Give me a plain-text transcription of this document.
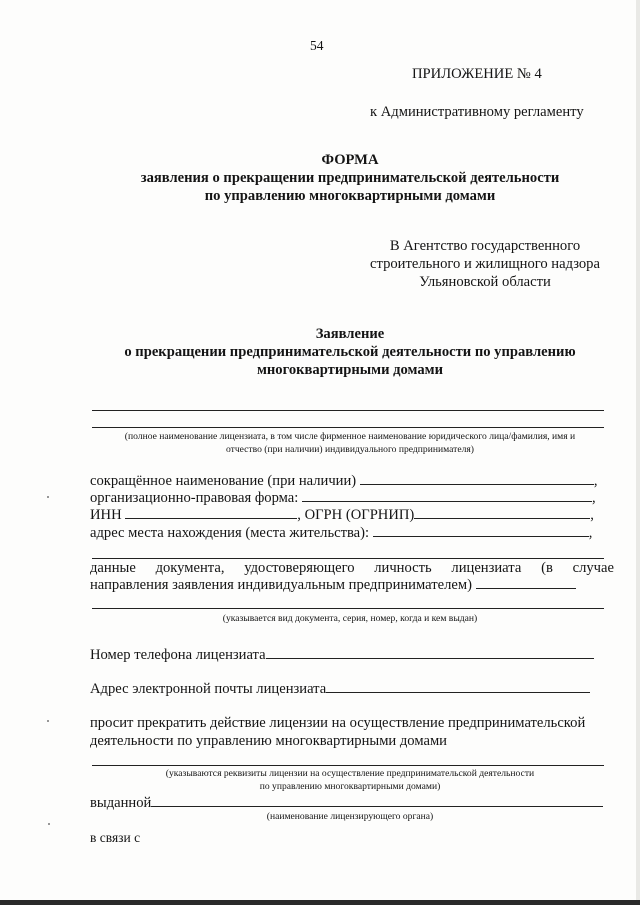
54
ПРИЛОЖЕНИЕ № 4
к Административному регламенту
ФОРМА
заявления о прекращении предпринимательской деятельности
по управлению многоквартирными домами
В Агентство государственного
строительного и жилищного надзора
Ульяновской области
Заявление
о прекращении предпринимательской деятельности по управлению
многоквартирными домами
(полное наименование лицензиата, в том числе фирменное наименование юридического лица/фамилия, имя и
отчество (при наличии) индивидуального предпринимателя)
сокращённое наименование (при наличии)	,
организационно-правовая форма:	,
ИНН	, ОГРН (ОГРНИП)	,
адрес места нахождения (места жительства):	,
данные документа, удостоверяющего личность лицензиата (в случае
направления заявления индивидуальным предпринимателем)
(указывается вид документа, серия, номер, когда и кем выдан)
Номер телефона лицензиата
Адрес электронной почты лицензиата
просит прекратить действие лицензии на осуществление предпринимательской
деятельности по управлению многоквартирными домами
(указываются реквизиты лицензии на осуществление предпринимательской деятельности
по управлению многоквартирными домами)
выданной
(наименование лицензирующего органа)
в связи с
